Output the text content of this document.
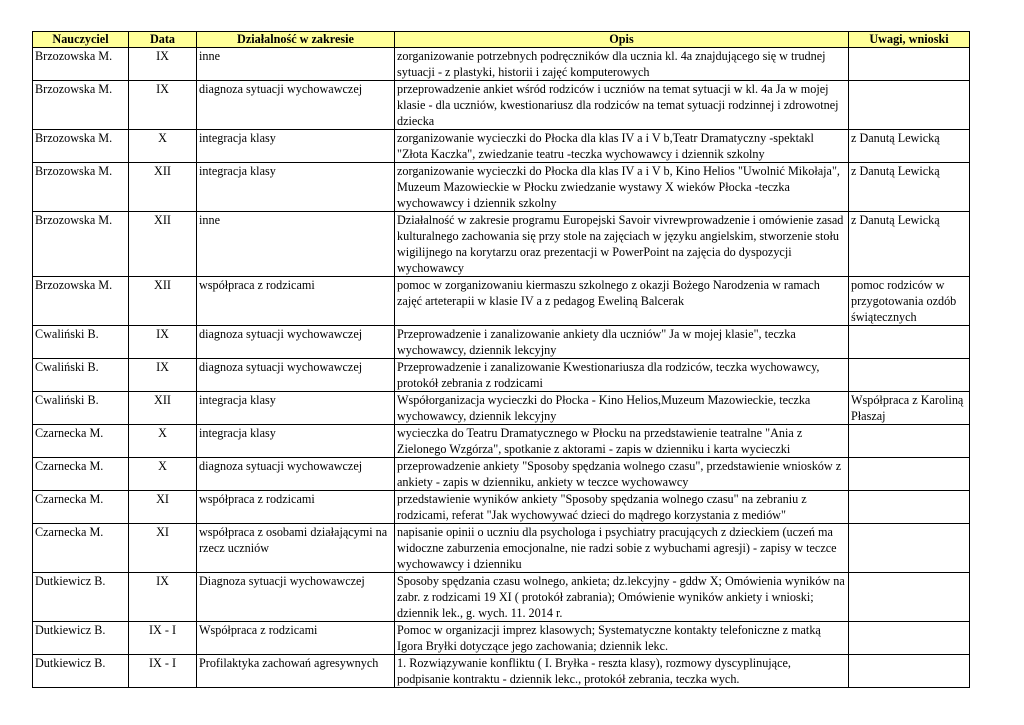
Nauczyciel	Data	Działalność w zakresie	Opis	Uwagi, wnioski
Brzozowska M.	IX	inne	zorganizowanie potrzebnych podręczników dla ucznia kl. 4a znajdującego się w trudnej sytuacji - z plastyki, historii i zajęć komputerowych	
Brzozowska M.	IX	diagnoza sytuacji wychowawczej	przeprowadzenie ankiet wśród rodziców i uczniów na temat sytuacji w kl. 4a Ja w mojej klasie - dla uczniów, kwestionariusz dla rodziców na temat sytuacji rodzinnej i zdrowotnej dziecka	
Brzozowska M.	X	integracja klasy	zorganizowanie wycieczki do Płocka dla klas IV a i V b,Teatr Dramatyczny -spektakl "Złota Kaczka", zwiedzanie teatru -teczka wychowawcy i dziennik szkolny	z Danutą Lewicką
Brzozowska M.	XII	integracja klasy	zorganizowanie wycieczki do Płocka dla klas IV a i V b, Kino Helios "Uwolnić Mikołaja", Muzeum Mazowieckie w Płocku zwiedzanie wystawy X wieków Płocka -teczka wychowawcy i dziennik szkolny	z Danutą Lewicką
Brzozowska M.	XII	inne	Działalność w zakresie programu Europejski Savoir vivrewprowadzenie i omówienie zasad kulturalnego zachowania się przy stole na zajęciach w języku angielskim, stworzenie stołu wigilijnego na korytarzu oraz prezentacji w PowerPoint na zajęcia do dyspozycji wychowawcy	z Danutą Lewicką
Brzozowska M.	XII	współpraca z rodzicami	pomoc w zorganizowaniu kiermaszu szkolnego z okazji Bożego Narodzenia w ramach zajęć arteterapii w klasie IV a z pedagog Eweliną Balcerak	pomoc rodziców w przygotowania ozdób świątecznych
Cwaliński B.	IX	diagnoza sytuacji wychowawczej	Przeprowadzenie i zanalizowanie ankiety dla uczniów" Ja w mojej klasie", teczka wychowawcy, dziennik lekcyjny	
Cwaliński B.	IX	diagnoza sytuacji wychowawczej	Przeprowadzenie i zanalizowanie Kwestionariusza dla rodziców, teczka wychowawcy, protokół zebrania z rodzicami	
Cwaliński B.	XII	integracja klasy	Współorganizacja wycieczki do Płocka - Kino Helios,Muzeum Mazowieckie, teczka wychowawcy, dziennik lekcyjny	Współpraca z Karoliną Płaszaj
Czarnecka M.	X	integracja klasy	wycieczka do Teatru Dramatycznego w Płocku na przedstawienie teatralne "Ania z Zielonego Wzgórza", spotkanie z aktorami - zapis w dzienniku i karta wycieczki	
Czarnecka M.	X	diagnoza sytuacji wychowawczej	przeprowadzenie ankiety "Sposoby spędzania wolnego czasu", przedstawienie wniosków z ankiety - zapis w dzienniku, ankiety w teczce wychowawcy	
Czarnecka M.	XI	współpraca z rodzicami	przedstawienie wyników ankiety "Sposoby spędzania wolnego czasu" na zebraniu z rodzicami, referat "Jak wychowywać dzieci do mądrego korzystania z mediów"	
Czarnecka M.	XI	współpraca z osobami działającymi na rzecz uczniów	napisanie opinii o uczniu dla psychologa i psychiatry pracujących z dzieckiem (uczeń ma widoczne zaburzenia emocjonalne, nie radzi sobie z wybuchami agresji) - zapisy w teczce wychowawcy i dzienniku	
Dutkiewicz B.	IX	Diagnoza sytuacji wychowawczej	Sposoby spędzania czasu wolnego, ankieta; dz.lekcyjny - gddw X; Omówienia wyników na zabr. z rodzicami 19 XI ( protokół zabrania); Omówienie wyników ankiety i wnioski; dziennik lek., g. wych. 11. 2014 r.	
Dutkiewicz B.	IX - I	Współpraca z rodzicami	Pomoc w organizacji imprez klasowych; Systematyczne kontakty telefoniczne z matką Igora Bryłki dotyczące jego zachowania; dziennik lekc.	
Dutkiewicz B.	IX - I	Profilaktyka zachowań agresywnych	1. Rozwiązywanie konfliktu ( I. Bryłka - reszta klasy), rozmowy dyscyplinujące, podpisanie kontraktu - dziennik lekc., protokół zebrania, teczka wych.	
